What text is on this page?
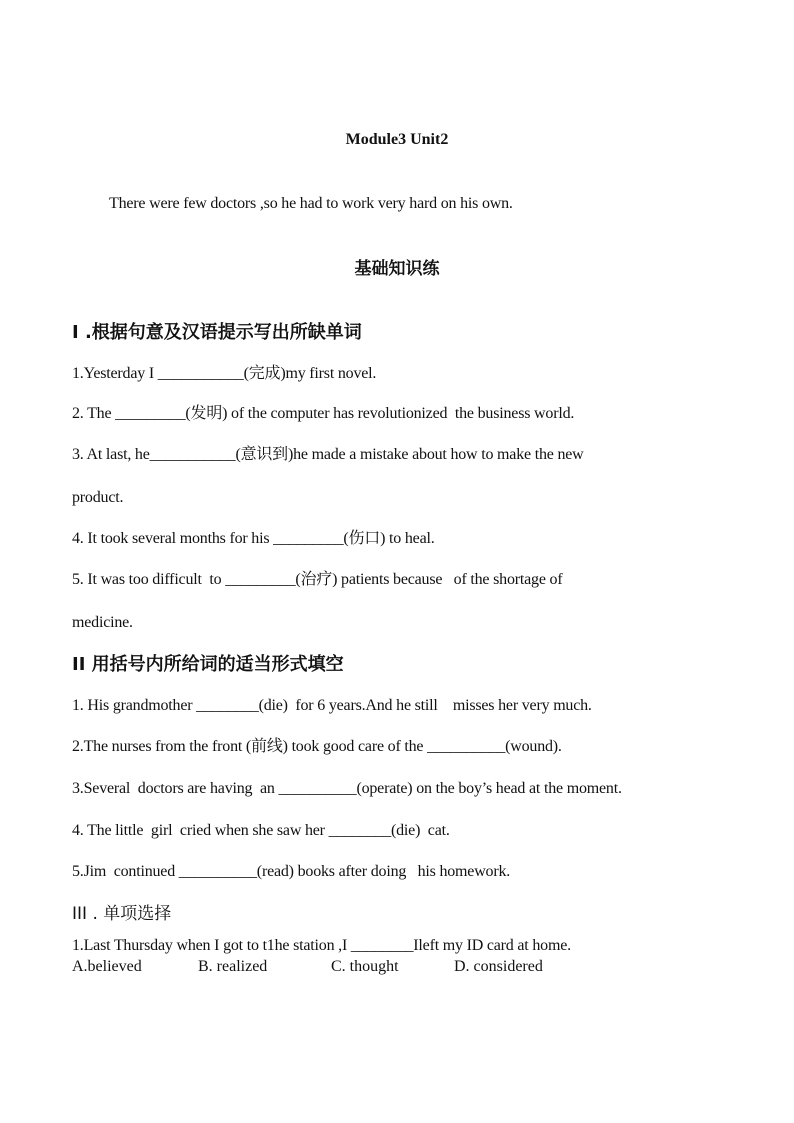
Module3 Unit2
There were few doctors ,so he had to work very hard on his own.
基础知识练
I .根据句意及汉语提示写出所缺单词
1.Yesterday I ___________(完成)my first novel.
2. The _________(发明) of the computer has revolutionized  the business world.
3. At last, he___________(意识到)he made a mistake about how to make the new
product.
4. It took several months for his _________(伤口) to heal.
5. It was too difficult  to _________(治疗) patients because   of the shortage of
medicine.
II 用括号内所给词的适当形式填空
1. His grandmother ________(die)  for 6 years.And he still    misses her very much.
2.The nurses from the front (前线) took good care of the __________(wound).
3.Several  doctors are having  an __________(operate) on the boy’s head at the moment.
4. The little  girl  cried when she saw her ________(die)  cat.
5.Jim  continued __________(read) books after doing   his homework.
III . 单项选择
1.Last Thursday when I got to t1he station ,I ________Ileft my ID card at home.
A.believed	B. realized	C. thought	D. considered
